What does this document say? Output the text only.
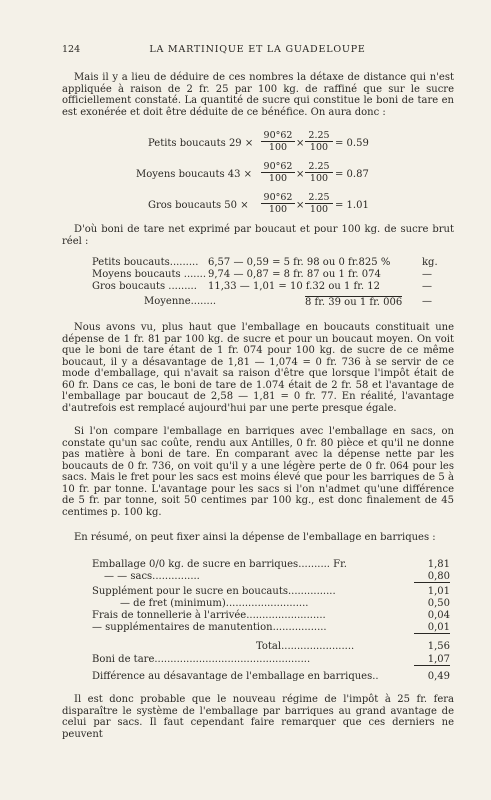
124	LA MARTINIQUE ET LA GUADELOUPE

Mais il y a lieu de déduire de ces nombres la détaxe de distance qui n'est appliquée à raison de 2 fr. 25 par 100 kg. de raffiné que sur le sucre officiellement constaté. La quantité de sucre qui constitue le boni de tare en est exonérée et doit être déduite de ce bénéfice. On aura donc :

Petits boucauts $29 \times \frac{90^\circ 62}{100} \times \frac{2.25}{100} = 0.59$
Moyens boucauts $43 \times \frac{90^\circ 62}{100} \times \frac{2.25}{100} = 0.87$
Gros boucauts $50 \times \frac{90^\circ 62}{100} \times \frac{2.25}{100} = 1.01$

D'où boni de tare net exprimé par boucaut et pour 100 kg. de sucre brut réel :

Petits boucauts......... 6,57 — 0,59 = 5 fr. 98 ou 0 fr.825 %	kg.
Moyens boucauts ....... 9,74 — 0,87 = 8 fr. 87 ou 1 fr. 074	—
Gros boucauts ......... 11,33 — 1,01 = 10 f.32 ou 1 fr. 12	—
Moyenne........	8 fr. 39 ou 1 fr. 006 —

Nous avons vu, plus haut que l'emballage en boucauts constituait une dépense de 1 fr. 81 par 100 kg. de sucre et pour un boucaut moyen. On voit que le boni de tare étant de 1 fr. 074 pour 100 kg. de sucre de ce même boucaut, il y a désavantage de 1,81 — 1,074 = 0 fr. 736 à se servir de ce mode d'emballage, qui n'avait sa raison d'être que lorsque l'impôt était de 60 fr. Dans ce cas, le boni de tare de 1.074 était de 2 fr. 58 et l'avantage de l'emballage par boucaut de 2,58 — 1,81 = 0 fr. 77. En réalité, l'avantage d'autrefois est remplacé aujourd'hui par une perte presque égale.

Si l'on compare l'emballage en barriques avec l'emballage en sacs, on constate qu'un sac coûte, rendu aux Antilles, 0 fr. 80 pièce et qu'il ne donne pas matière à boni de tare. En comparant avec la dépense nette par les boucauts de 0 fr. 736, on voit qu'il y a une légère perte de 0 fr. 064 pour les sacs. Mais le fret pour les sacs est moins élevé que pour les barriques de 5 à 10 fr. par tonne. L'avantage pour les sacs si l'on n'admet qu'une différence de 5 fr. par tonne, soit 50 centimes par 100 kg., est donc finalement de 45 centimes p. 100 kg.

En résumé, on peut fixer ainsi la dépense de l'emballage en barriques :

Emballage 0/0 kg. de sucre en barriques.......... Fr.	1,81
— — sacs...............	0,80
Supplément pour le sucre en boucauts...............	1,01
— de fret (minimum)..........................	0,50
Frais de tonnellerie à l'arrivée.........................	0,04
— supplémentaires de manutention.................	0,01
Total.......................	1,56
Boni de tare.................................................	1,07
Différence au désavantage de l'emballage en barriques..	0,49

Il est donc probable que le nouveau régime de l'impôt à 25 fr. fera disparaître le système de l'emballage par barriques au grand avantage de celui par sacs. Il faut cependant faire remarquer que ces derniers ne peuvent
